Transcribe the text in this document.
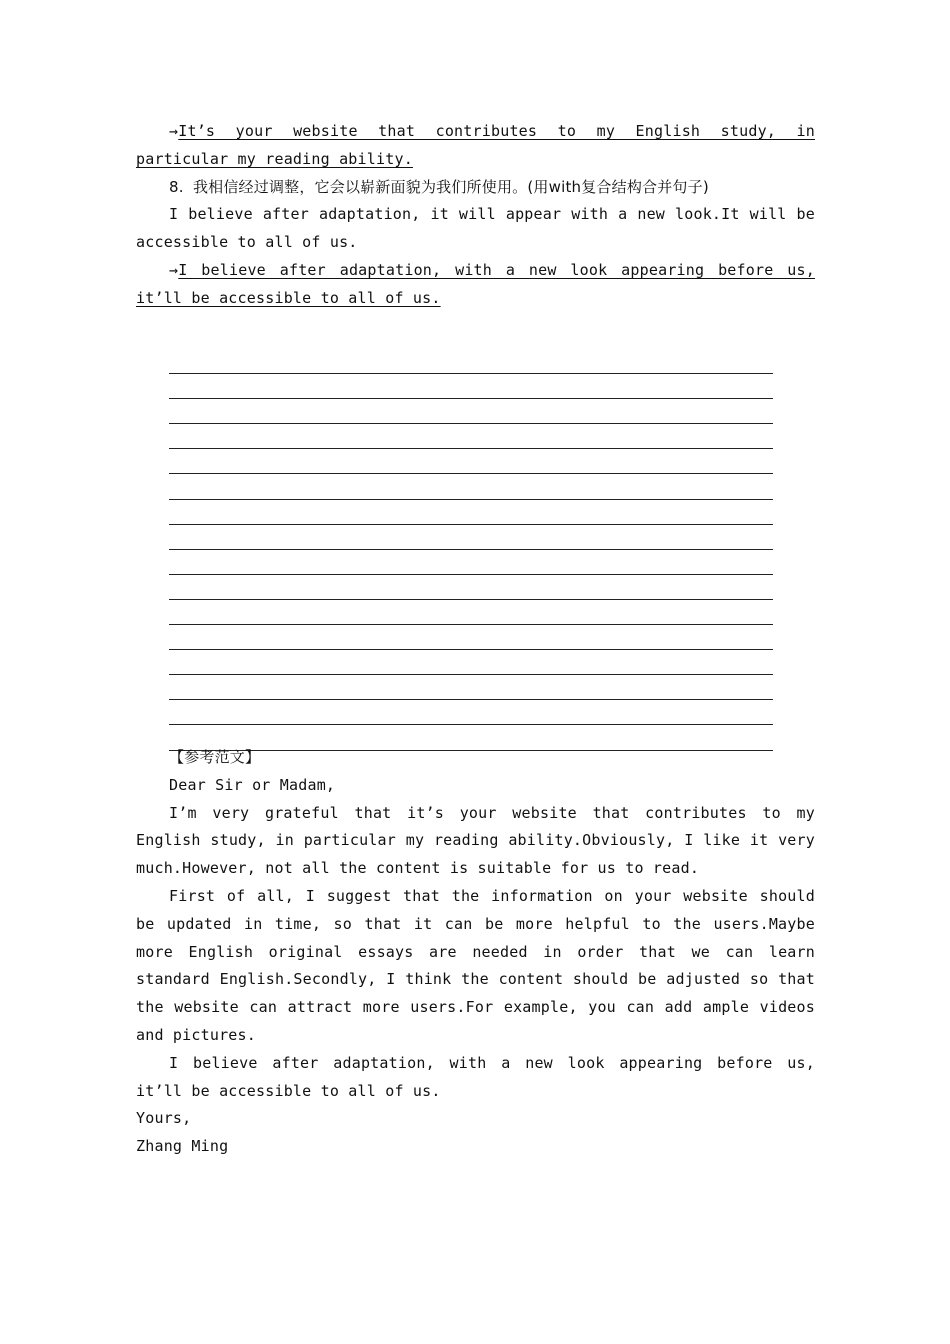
→It’s your website that contributes to my English study, in particular my reading ability.

8. 我相信经过调整，它会以崭新面貌为我们所使用。(用with复合结构合并句子)

I believe after adaptation, it will appear with a new look.It will be accessible to all of us.

→I believe after adaptation, with a new look appearing before us, it’ll be accessible to all of us.

【参考范文】

Dear Sir or Madam,

I’m very grateful that it’s your website that contributes to my English study, in particular my reading ability.Obviously, I like it very much.However, not all the content is suitable for us to read.

First of all, I suggest that the information on your website should be updated in time, so that it can be more helpful to the users.Maybe more English original essays are needed in order that we can learn standard English.Secondly, I think the content should be adjusted so that the website can attract more users.For example, you can add ample videos and pictures.

I believe after adaptation, with a new look appearing before us, it’ll be accessible to all of us.

Yours,

Zhang Ming
